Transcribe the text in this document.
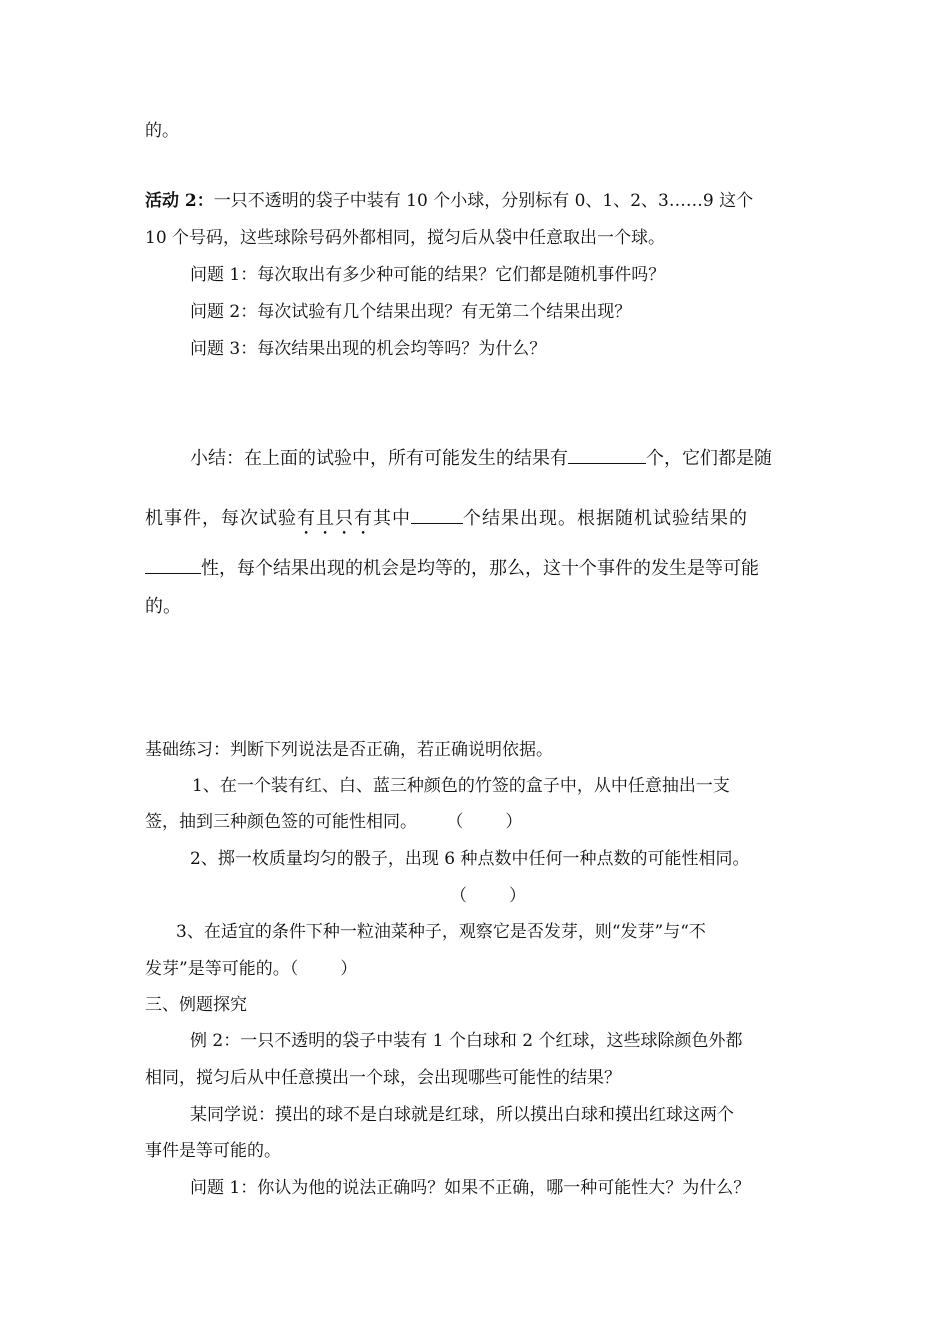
的。
活动 2：一只不透明的袋子中装有 10 个小球，分别标有 0、1、2、3……9 这个
10 个号码，这些球除号码外都相同，搅匀后从袋中任意取出一个球。
问题 1：每次取出有多少种可能的结果？它们都是随机事件吗？
问题 2：每次试验有几个结果出现？有无第二个结果出现？
问题 3：每次结果出现的机会均等吗？为什么？
小结：在上面的试验中，所有可能发生的结果有	个，它们都是随
机事件，每次试验有且只有其中	个结果出现。根据随机试验结果的
性，每个结果出现的机会是均等的，那么，这十个事件的发生是等可能
的。
基础练习：判断下列说法是否正确，若正确说明依据。
1、在一个装有红、白、蓝三种颜色的竹签的盒子中，从中任意抽出一支
签，抽到三种颜色签的可能性相同。 （ ）
2、掷一枚质量均匀的骰子，出现 6 种点数中任何一种点数的可能性相同。
（ ）
3、在适宜的条件下种一粒油菜种子，观察它是否发芽，则“发芽”与“不
发芽”是等可能的。（ ）
三、例题探究
例 2：一只不透明的袋子中装有 1 个白球和 2 个红球，这些球除颜色外都
相同，搅匀后从中任意摸出一个球，会出现哪些可能性的结果？
某同学说：摸出的球不是白球就是红球，所以摸出白球和摸出红球这两个
事件是等可能的。
问题 1：你认为他的说法正确吗？如果不正确，哪一种可能性大？为什么？
